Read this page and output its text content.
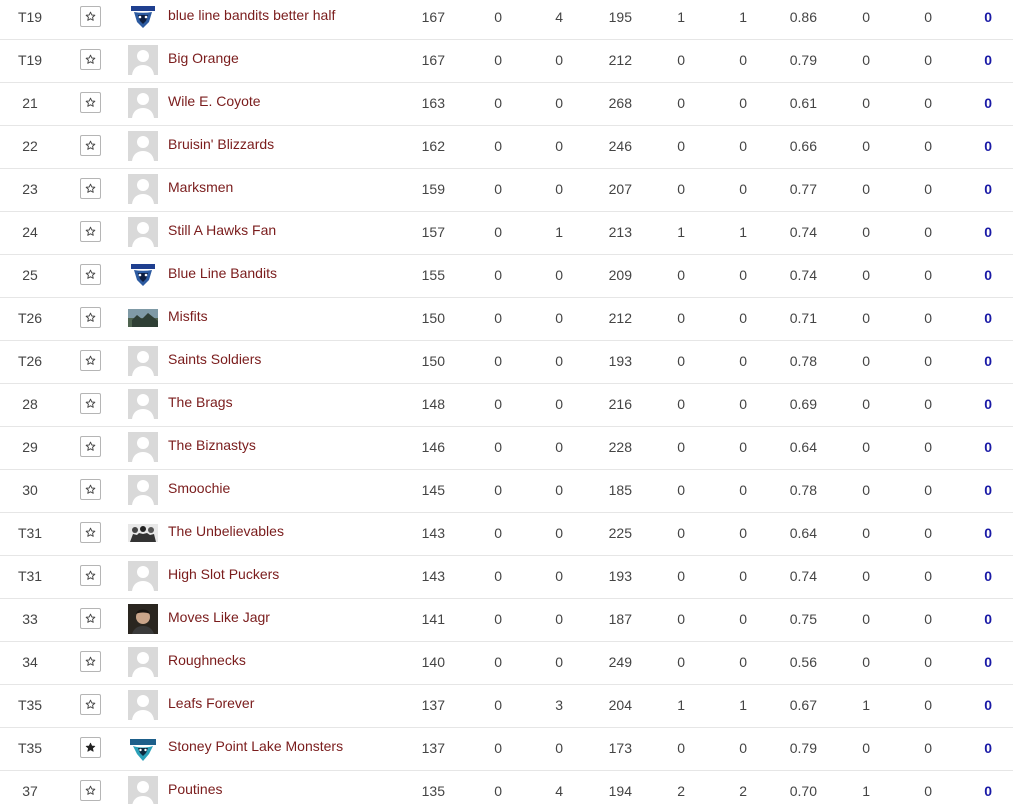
T19	blue line bandits better half	167	0	4	195	1	1	0.86	0	0	0
T19	Big Orange	167	0	0	212	0	0	0.79	0	0	0
21	Wile E. Coyote	163	0	0	268	0	0	0.61	0	0	0
22	Bruisin' Blizzards	162	0	0	246	0	0	0.66	0	0	0
23	Marksmen	159	0	0	207	0	0	0.77	0	0	0
24	Still A Hawks Fan	157	0	1	213	1	1	0.74	0	0	0
25	Blue Line Bandits	155	0	0	209	0	0	0.74	0	0	0
T26	Misfits	150	0	0	212	0	0	0.71	0	0	0
T26	Saints Soldiers	150	0	0	193	0	0	0.78	0	0	0
28	The Brags	148	0	0	216	0	0	0.69	0	0	0
29	The Biznastys	146	0	0	228	0	0	0.64	0	0	0
30	Smoochie	145	0	0	185	0	0	0.78	0	0	0
T31	The Unbelievables	143	0	0	225	0	0	0.64	0	0	0
T31	High Slot Puckers	143	0	0	193	0	0	0.74	0	0	0
33	Moves Like Jagr	141	0	0	187	0	0	0.75	0	0	0
34	Roughnecks	140	0	0	249	0	0	0.56	0	0	0
T35	Leafs Forever	137	0	3	204	1	1	0.67	1	0	0
T35	Stoney Point Lake Monsters	137	0	0	173	0	0	0.79	0	0	0
37	Poutines	135	0	4	194	2	2	0.70	1	0	0
